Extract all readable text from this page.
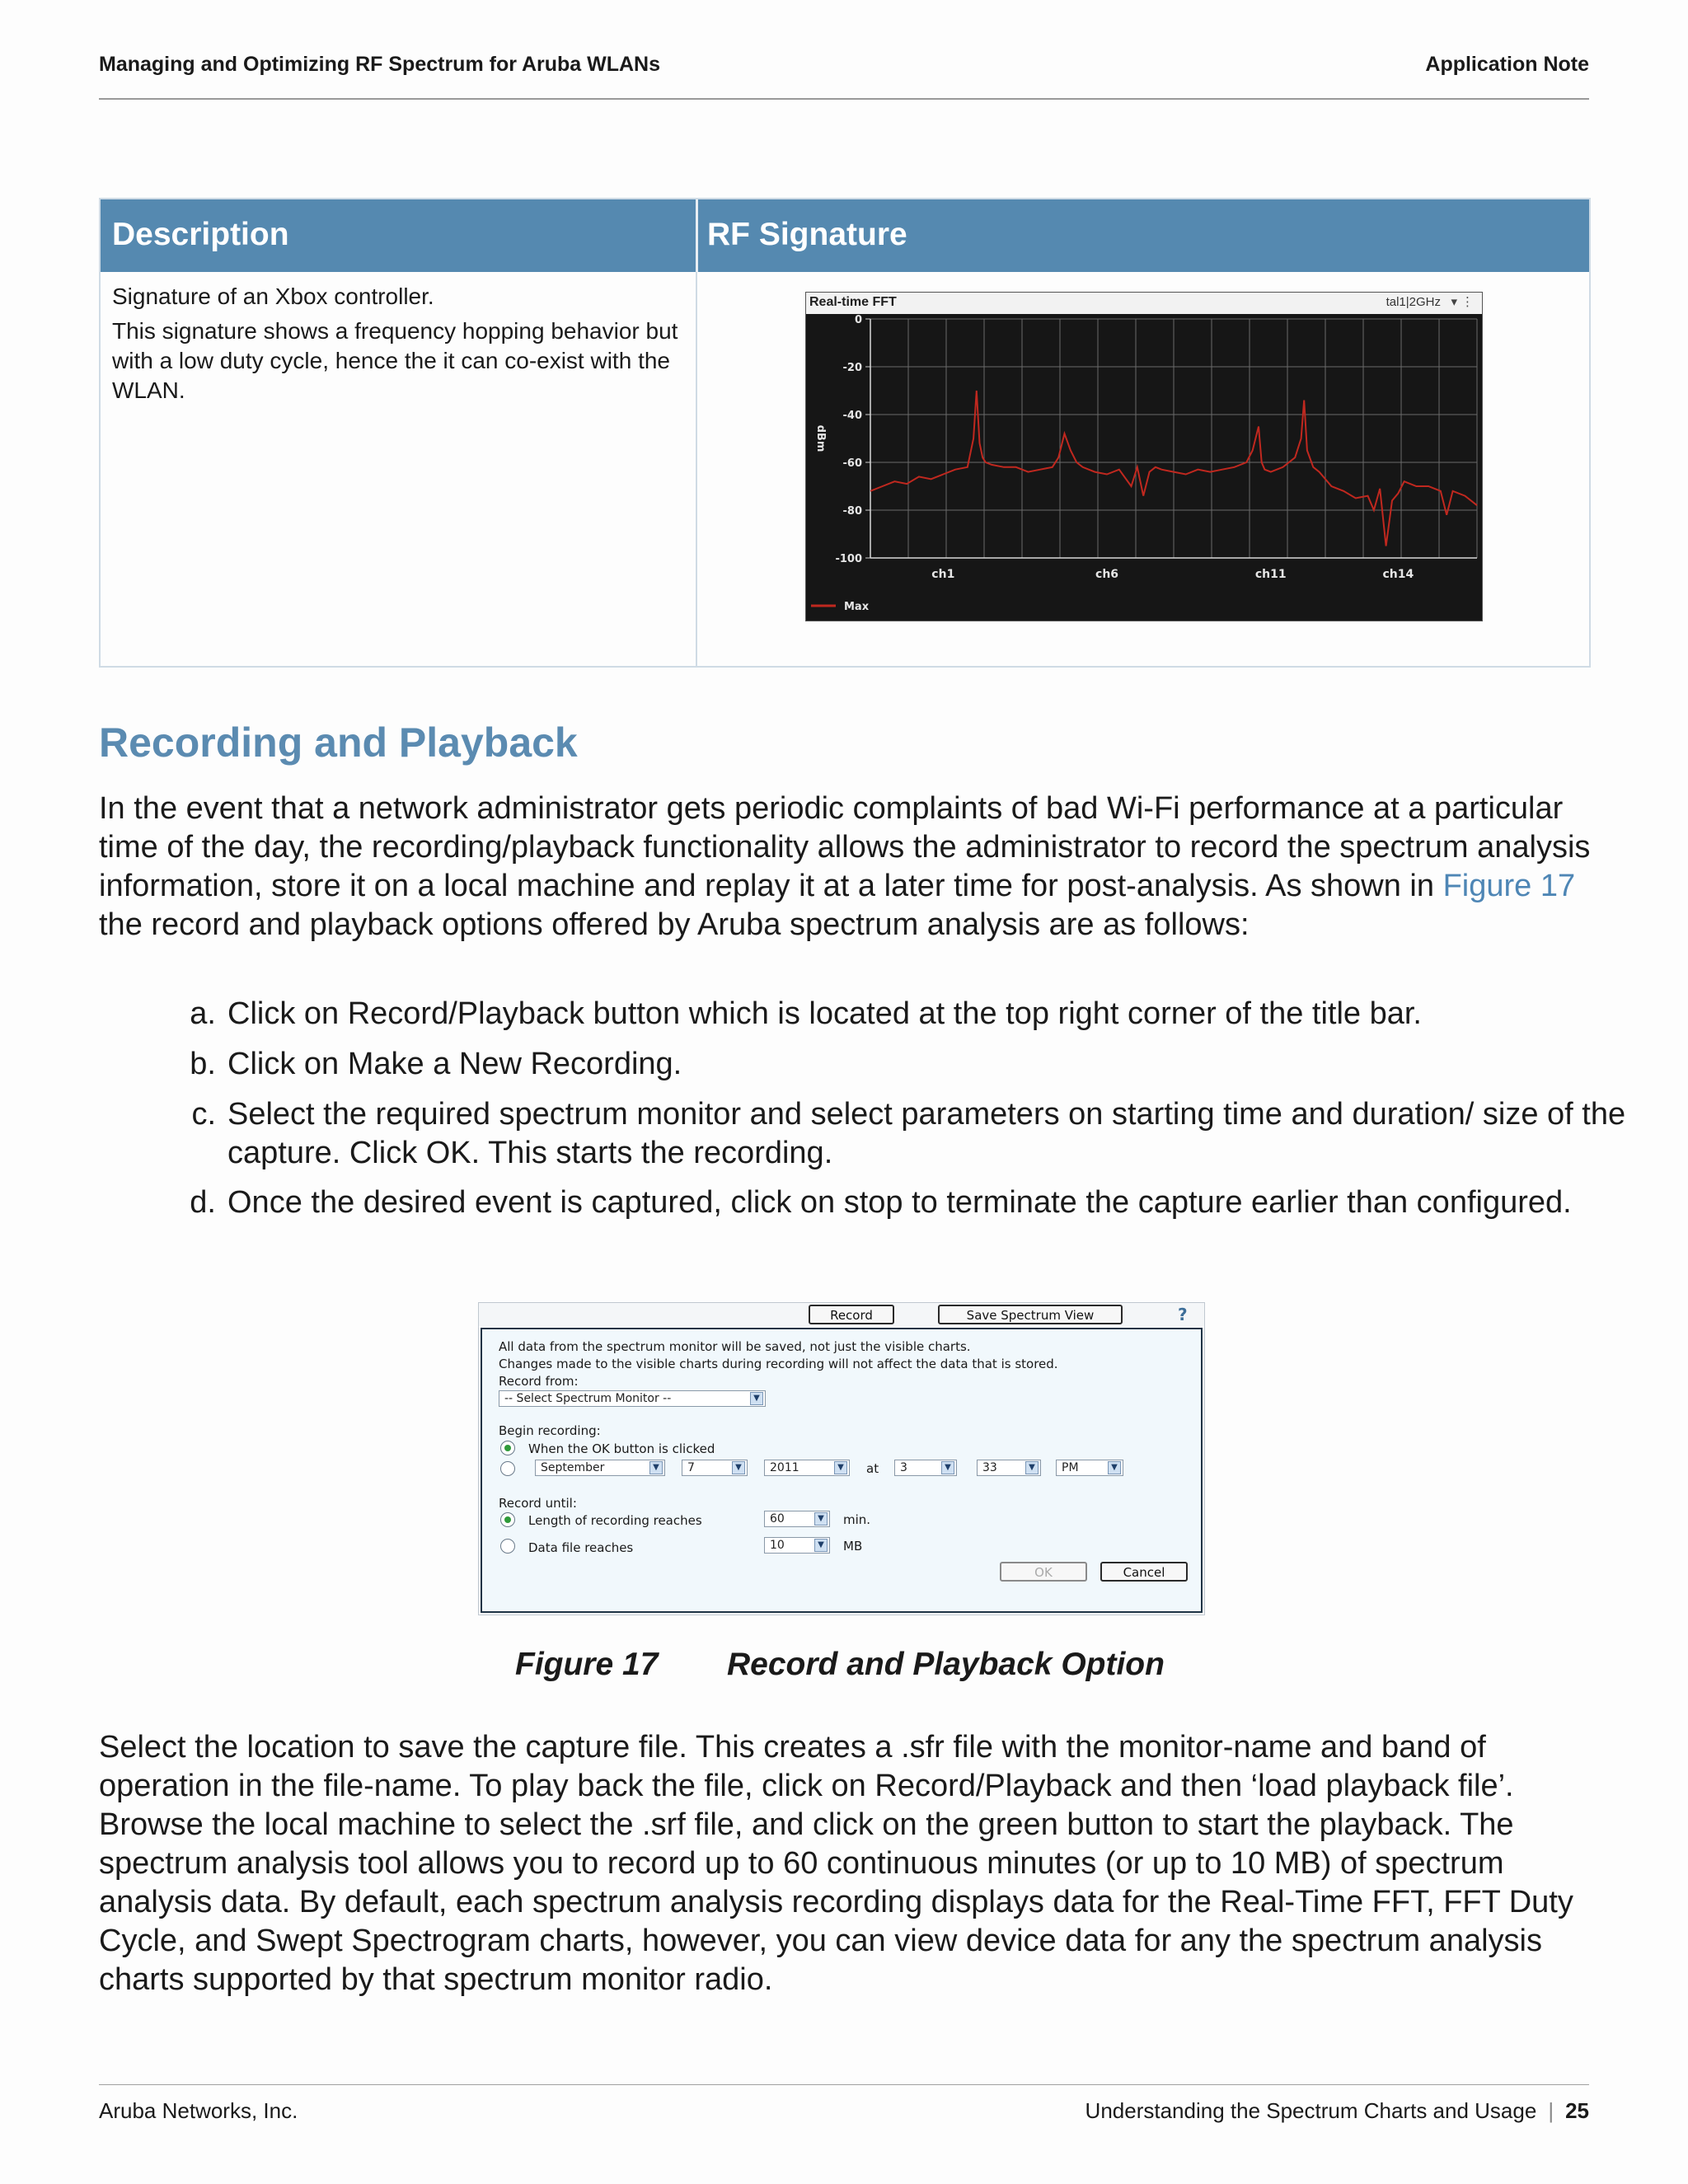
Managing and Optimizing RF Spectrum for Aruba WLANs	Application Note
Description	RF Signature

Signature of an Xbox controller.

This signature shows a frequency hopping behavior but with a low duty cycle, hence the it can co-exist with the WLAN.

Real-time FFT	tal1|2GHz ▾ ⋮
0
-20
-40
-60
-80
-100
dBm
ch1	ch6	ch11	ch14
Max
Recording and Playback
In the event that a network administrator gets periodic complaints of bad Wi-Fi performance at a particular time of the day, the recording/playback functionality allows the administrator to record the spectrum analysis information, store it on a local machine and replay it at a later time for post-analysis. As shown in Figure 17 the record and playback options offered by Aruba spectrum analysis are as follows:
a. Click on Record/Playback button which is located at the top right corner of the title bar.
b. Click on Make a New Recording.
c. Select the required spectrum monitor and select parameters on starting time and duration/ size of the capture. Click OK. This starts the recording.
d. Once the desired event is captured, click on stop to terminate the capture earlier than configured.
Record	Save Spectrum View	?
All data from the spectrum monitor will be saved, not just the visible charts.
Changes made to the visible charts during recording will not affect the data that is stored.
Record from:
-- Select Spectrum Monitor --	▼
Begin recording:
When the OK button is clicked
September	▼	7	▼	2011	▼ at	3	▼	33	▼	PM	▼
Record until:
Length of recording reaches	60	▼ min.
Data file reaches	10	▼ MB
OK	Cancel
Figure 17 Record and Playback Option
Select the location to save the capture file. This creates a .sfr file with the monitor-name and band of operation in the file-name. To play back the file, click on Record/Playback and then ‘load playback file’. Browse the local machine to select the .srf file, and click on the green button to start the playback. The spectrum analysis tool allows you to record up to 60 continuous minutes (or up to 10 MB) of spectrum analysis data. By default, each spectrum analysis recording displays data for the Real-Time FFT, FFT Duty Cycle, and Swept Spectrogram charts, however, you can view device data for any the spectrum analysis charts supported by that spectrum monitor radio.
Aruba Networks, Inc.	Understanding the Spectrum Charts and Usage | 25
